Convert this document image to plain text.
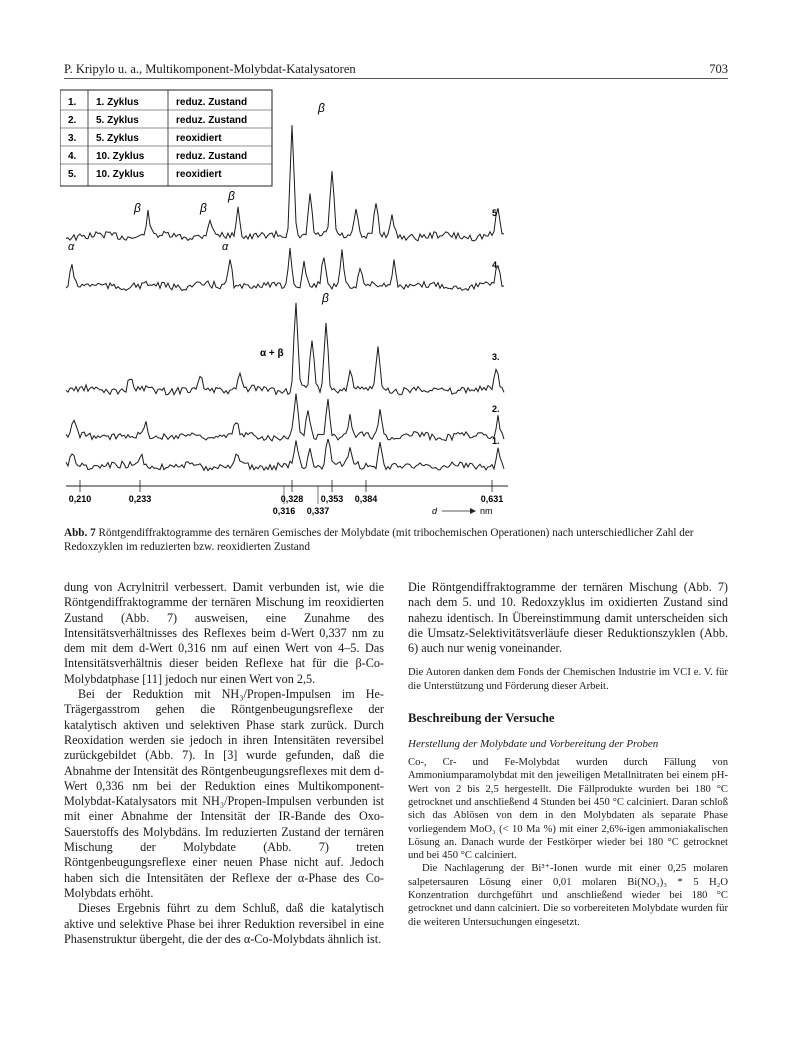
P. Kripylo u. a., Multikomponent-Molybdat-Katalysatoren	703
1. 1. Zyklus	reduz. Zustand
2. 5. Zyklus	reduz. Zustand
3. 5. Zyklus	reoxidiert
4. 10. Zyklus	reduz. Zustand
5. 10. Zyklus	reoxidiert
5
4
3.
2.
1.
β
β	β
β
β
α	α
α + β
0,210	0,233	0,328 0,353 0,384	0,631
0,316 0,337	d	nm
Abb. 7 Röntgendiffraktogramme des ternären Gemisches der Molybdate (mit tribochemischen Operationen) nach unterschiedlicher Zahl der Redoxzyklen im reduzierten bzw. reoxidierten Zustand

dung von Acrylnitril verbessert. Damit verbunden ist, wie die Röntgendiffraktogramme der ternären Mischung im reoxidierten Zustand (Abb. 7) ausweisen, eine Zunahme des Intensitätsverhältnisses des Reflexes beim d-Wert 0,337 nm zu dem mit dem d-Wert 0,316 nm auf einen Wert von 4–5. Das Intensitätsverhältnis dieser beiden Reflexe hat für die β-Co-Molybdatphase [11] jedoch nur einen Wert von 2,5.

Bei der Reduktion mit NH₃/Propen-Impulsen im He-Trägergasstrom gehen die Röntgenbeugungsreflexe der katalytisch aktiven und selektiven Phase stark zurück. Durch Reoxidation werden sie jedoch in ihren Intensitäten reversibel zurückgebildet (Abb. 7). In [3] wurde gefunden, daß die Abnahme der Intensität des Röntgenbeugungsreflexes mit dem d-Wert 0,336 nm bei der Reduktion eines Multikomponent-Molybdat-Katalysators mit NH₃/Propen-Impulsen verbunden ist mit einer Abnahme der Intensität der IR-Bande des Oxo-Sauerstoffs des Molybdäns. Im reduzierten Zustand der ternären Mischung der Molybdate (Abb. 7) treten Röntgenbeugungsreflexe einer neuen Phase nicht auf. Jedoch haben sich die Intensitäten der Reflexe der α-Phase des Co-Molybdats erhöht.

Dieses Ergebnis führt zu dem Schluß, daß die katalytisch aktive und selektive Phase bei ihrer Reduktion reversibel in eine Phasenstruktur übergeht, die der des α-Co-Molybdats ähnlich ist.

Die Röntgendiffraktogramme der ternären Mischung (Abb. 7) nach dem 5. und 10. Redoxzyklus im oxidierten Zustand sind nahezu identisch. In Übereinstimmung damit unterscheiden sich die Umsatz-Selektivitätsverläufe dieser Reduktionszyklen (Abb. 6) auch nur wenig voneinander.

Die Autoren danken dem Fonds der Chemischen Industrie im VCI e. V. für die Unterstützung und Förderung dieser Arbeit.

Beschreibung der Versuche

Herstellung der Molybdate und Vorbereitung der Proben

Co-, Cr- und Fe-Molybdat wurden durch Fällung von Ammoniumparamolybdat mit den jeweiligen Metallnitraten bei einem pH-Wert von 2 bis 2,5 hergestellt. Die Fällprodukte wurden bei 180 °C getrocknet und anschließend 4 Stunden bei 450 °C calciniert. Daran schloß sich das Ablösen von dem in den Molybdaten als separate Phase vorliegendem MoO₃ (< 10 Ma %) mit einer 2,6%-igen ammoniakalischen Lösung an. Danach wurde der Festkörper wieder bei 180 °C getrocknet und bei 450 °C calciniert.

Die Nachlagerung der Bi³⁺-Ionen wurde mit einer 0,25 molaren salpetersauren Lösung einer 0,01 molaren Bi(NO₃)₃ * 5 H₂O Konzentration durchgeführt und anschließend wieder bei 180 °C getrocknet und dann calciniert. Die so vorbereiteten Molybdate wurden für die weiteren Untersuchungen eingesetzt.
